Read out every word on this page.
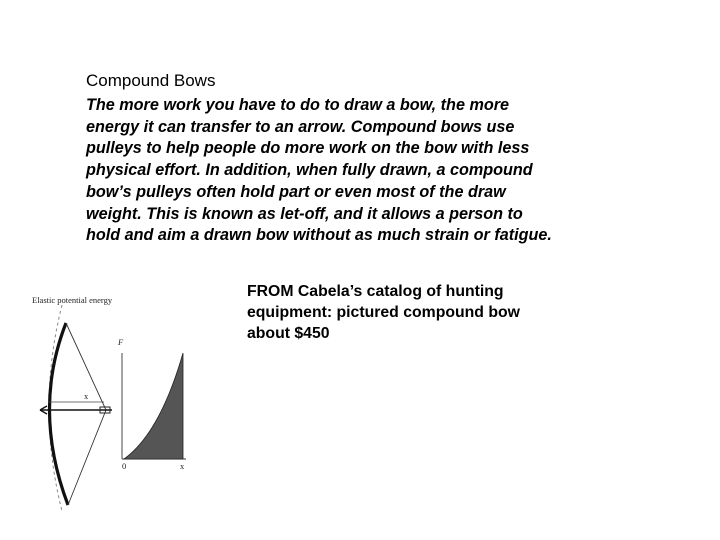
Compound Bows
The more work you have to do to draw a bow, the more
energy it can transfer to an arrow. Compound bows use
pulleys to help people do more work on the bow with less
physical effort. In addition, when fully drawn, a compound
bow’s pulleys often hold part or even most of the draw
weight. This is known as let-off, and it allows a person to
hold and aim a drawn bow without as much strain or fatigue.
FROM Cabela’s catalog of hunting
equipment: pictured compound bow
about $450
Elastic potential energy
x
F
0	x
